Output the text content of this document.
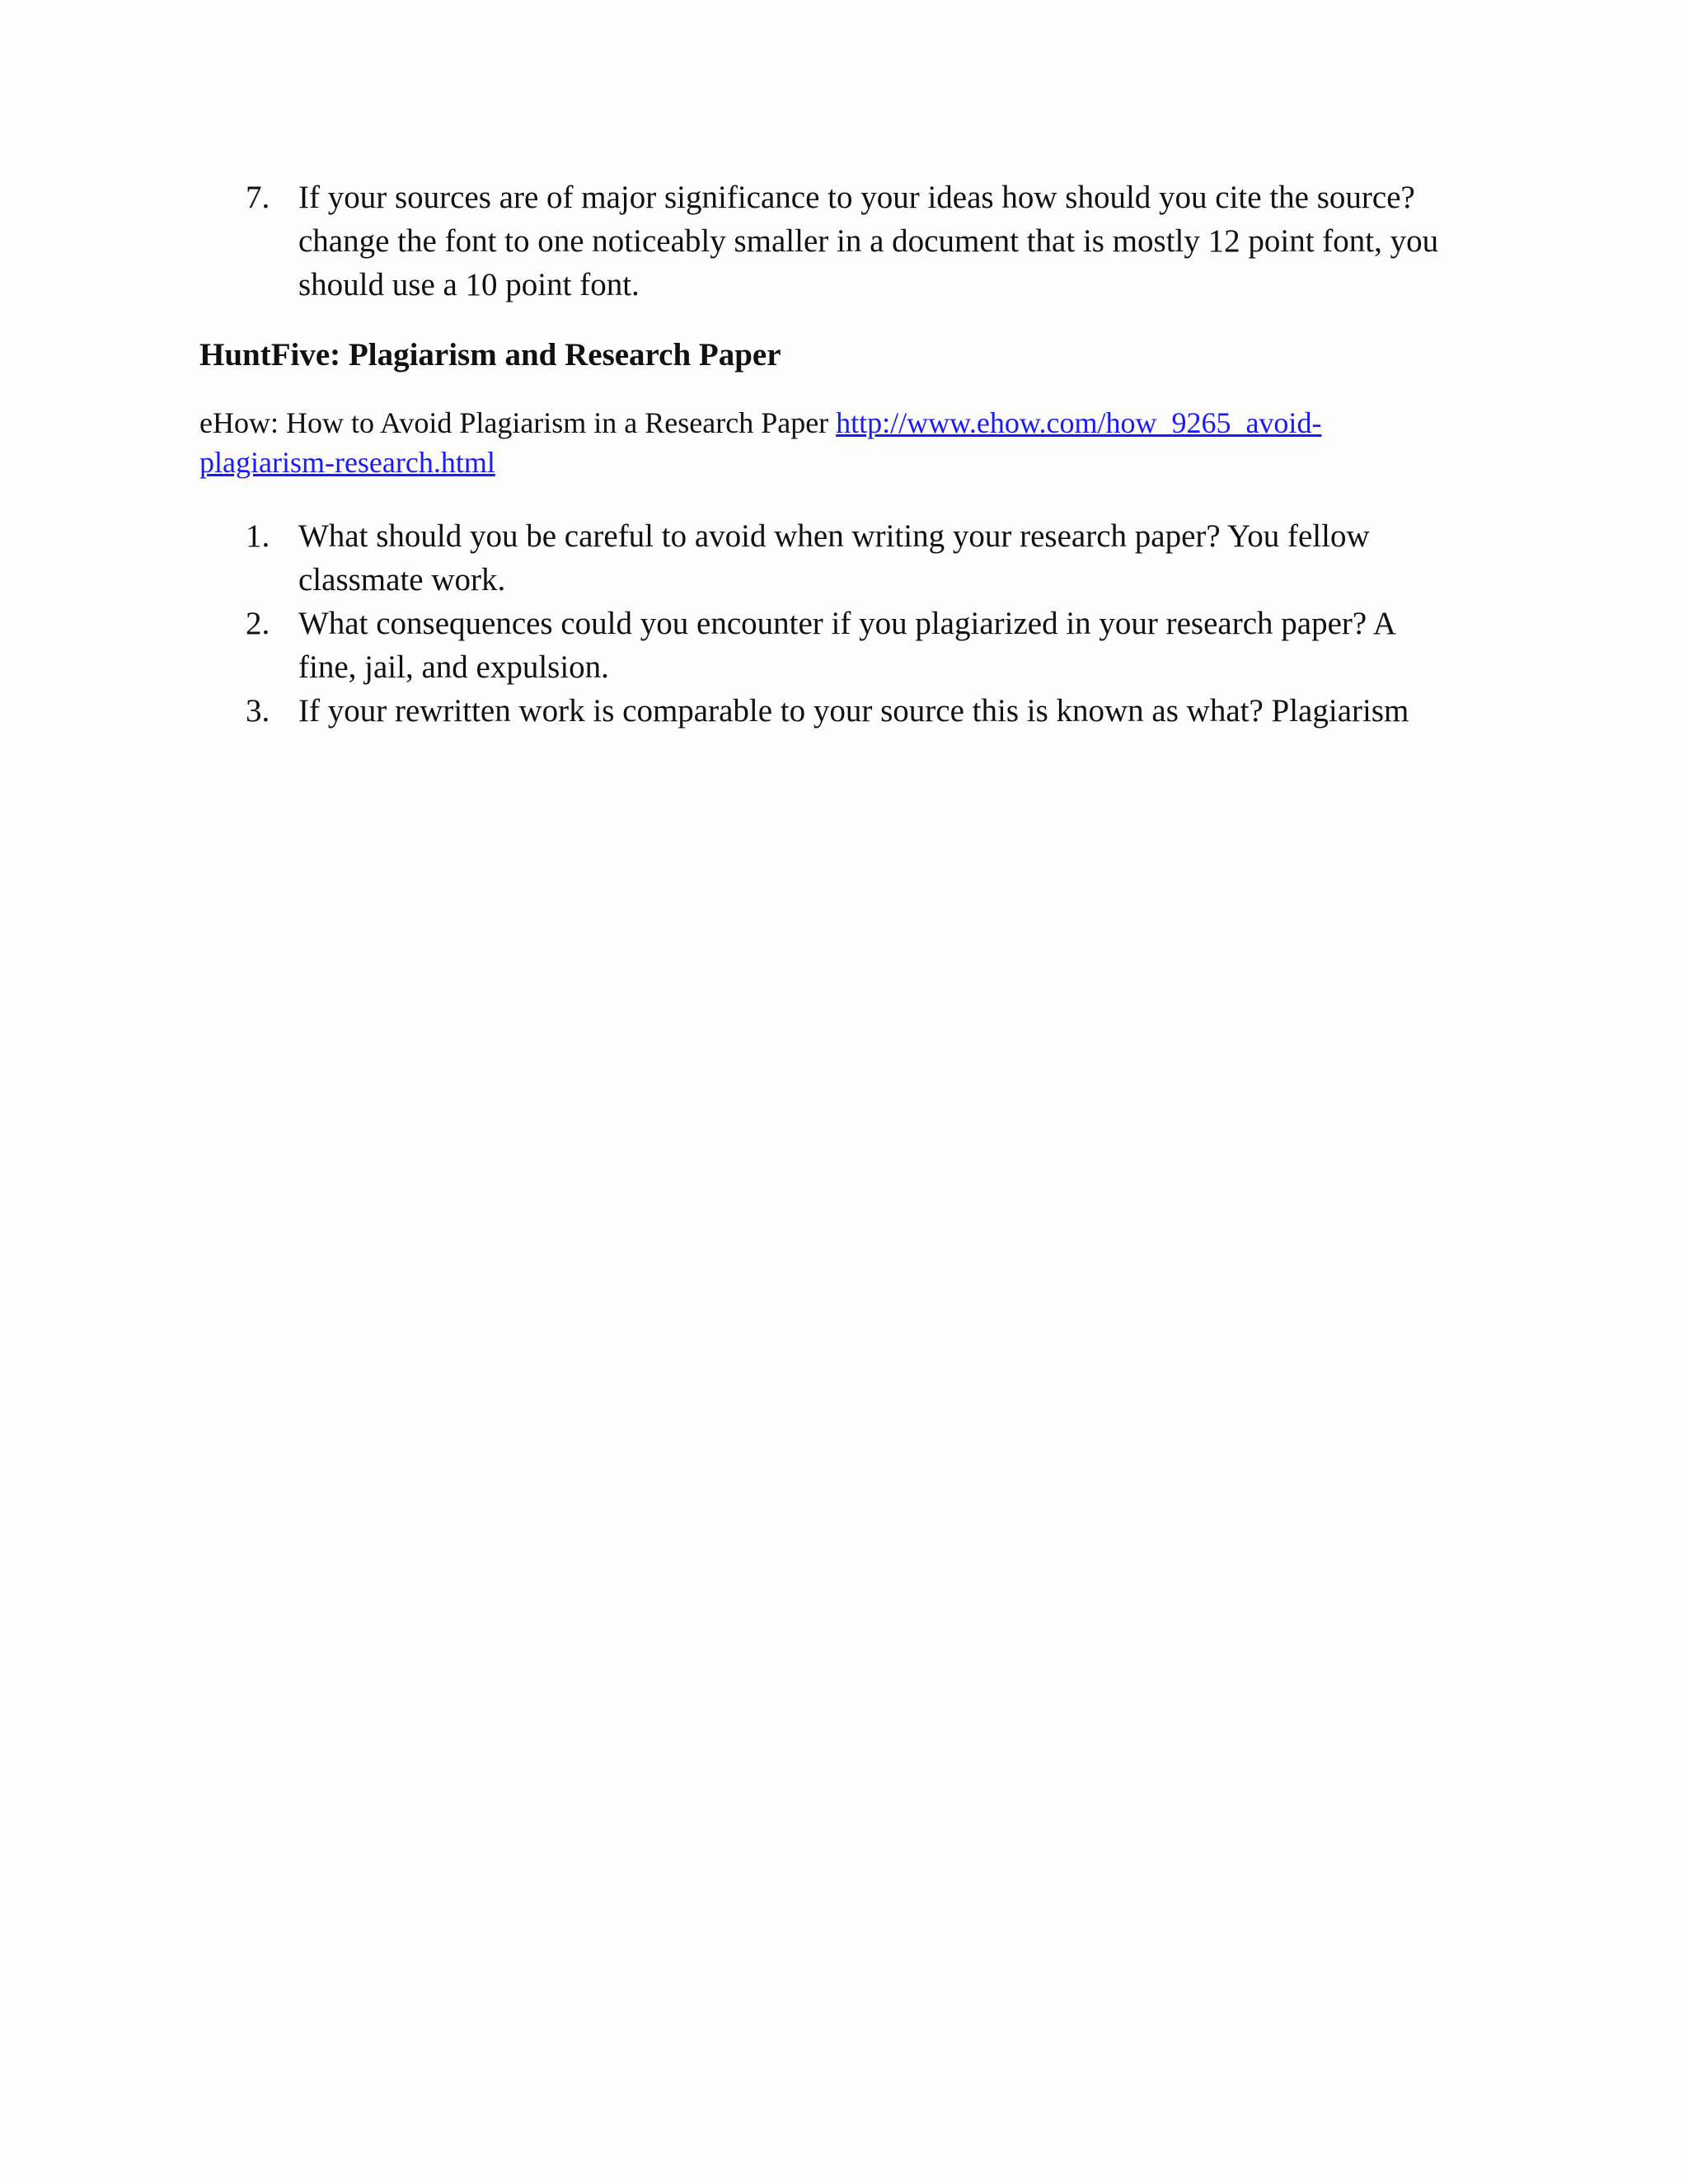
7. If your sources are of major significance to your ideas how should you cite the source?change the font to one noticeably smaller in a document that is mostly 12 point font, you should use a 10 point font.
HuntFive: Plagiarism and Research Paper

eHow: How to Avoid Plagiarism in a Research Paper http://www.ehow.com/how_9265_avoid-
plagiarism-research.html

1. What should you be careful to avoid when writing your research paper? You fellow classmate work.
2. What consequences could you encounter if you plagiarized in your research paper? A fine, jail, and expulsion.
3. If your rewritten work is comparable to your source this is known as what? Plagiarism
